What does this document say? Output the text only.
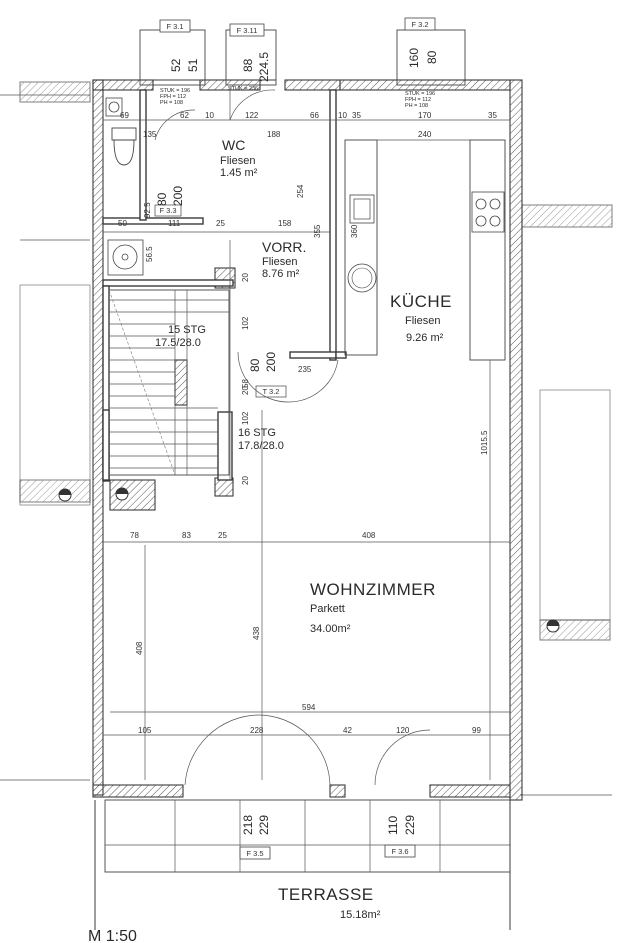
F 3.1	F 3.11
F 3.2
F 3.3
T 3.2
F 3.5	F 3.6
52 51	88 224.5	160 80
218 229	110 229
80 200
80 200
STUK = 196
FPH = 112
PH = 108
STUK = 236
STUK = 196
FPH = 112
PH = 108
69	62 10	122	66 10 35	170	35
188	240
135
50	111	25	158
92.5
56.5
20
102
20
58
102
20
254
355	360
235
78	83	25	408
408
438
1015.5
594
105	228	42	120	99
WC
Fliesen
1.45 m²
VORR.
Fliesen
8.76 m²
KÜCHE
Fliesen
9.26 m²
WOHNZIMMER
Parkett
34.00m²
15 STG
17.5/28.0
16 STG
17.8/28.0
TERRASSE
15.18m²
M 1:50
